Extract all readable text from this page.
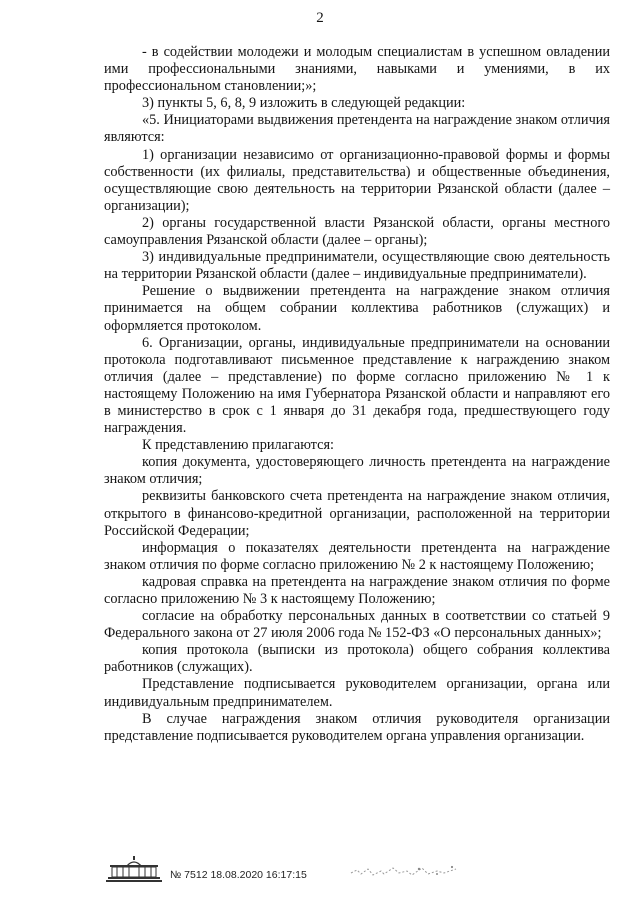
2

- в содействии молодежи и молодым специалистам в успешном овладении ими профессиональными знаниями, навыками и умениями, в их профессиональном становлении;»;

3) пункты 5, 6, 8, 9 изложить в следующей редакции:

«5. Инициаторами выдвижения претендента на награждение знаком отличия являются:

1) организации независимо от организационно-правовой формы и формы собственности (их филиалы, представительства) и общественные объединения, осуществляющие свою деятельность на территории Рязанской области (далее – организации);

2) органы государственной власти Рязанской области, органы местного самоуправления Рязанской области (далее – органы);

3) индивидуальные предприниматели, осуществляющие свою деятельность на территории Рязанской области (далее – индивидуальные предприниматели).

Решение о выдвижении претендента на награждение знаком отличия принимается на общем собрании коллектива работников (служащих) и оформляется протоколом.

6. Организации, органы, индивидуальные предприниматели на основании протокола подготавливают письменное представление к награждению знаком отличия (далее – представление) по форме согласно приложению № 1 к настоящему Положению на имя Губернатора Рязанской области и направляют его в министерство в срок с 1 января до 31 декабря года, предшествующего году награждения.

К представлению прилагаются:

копия документа, удостоверяющего личность претендента на награждение знаком отличия;

реквизиты банковского счета претендента на награждение знаком отличия, открытого в финансово-кредитной организации, расположенной на территории Российской Федерации;

информация о показателях деятельности претендента на награждение знаком отличия по форме согласно приложению № 2 к настоящему Положению;

кадровая справка на претендента на награждение знаком отличия по форме согласно приложению № 3 к настоящему Положению;

согласие на обработку персональных данных в соответствии со статьей 9 Федерального закона от 27 июля 2006 года № 152-ФЗ «О персональных данных»;

копия протокола (выписки из протокола) общего собрания коллектива работников (служащих).

Представление подписывается руководителем организации, органа или индивидуальным предпринимателем.

В случае награждения знаком отличия руководителя организации представление подписывается руководителем органа управления организации.

№ 7512 18.08.2020 16:17:15
